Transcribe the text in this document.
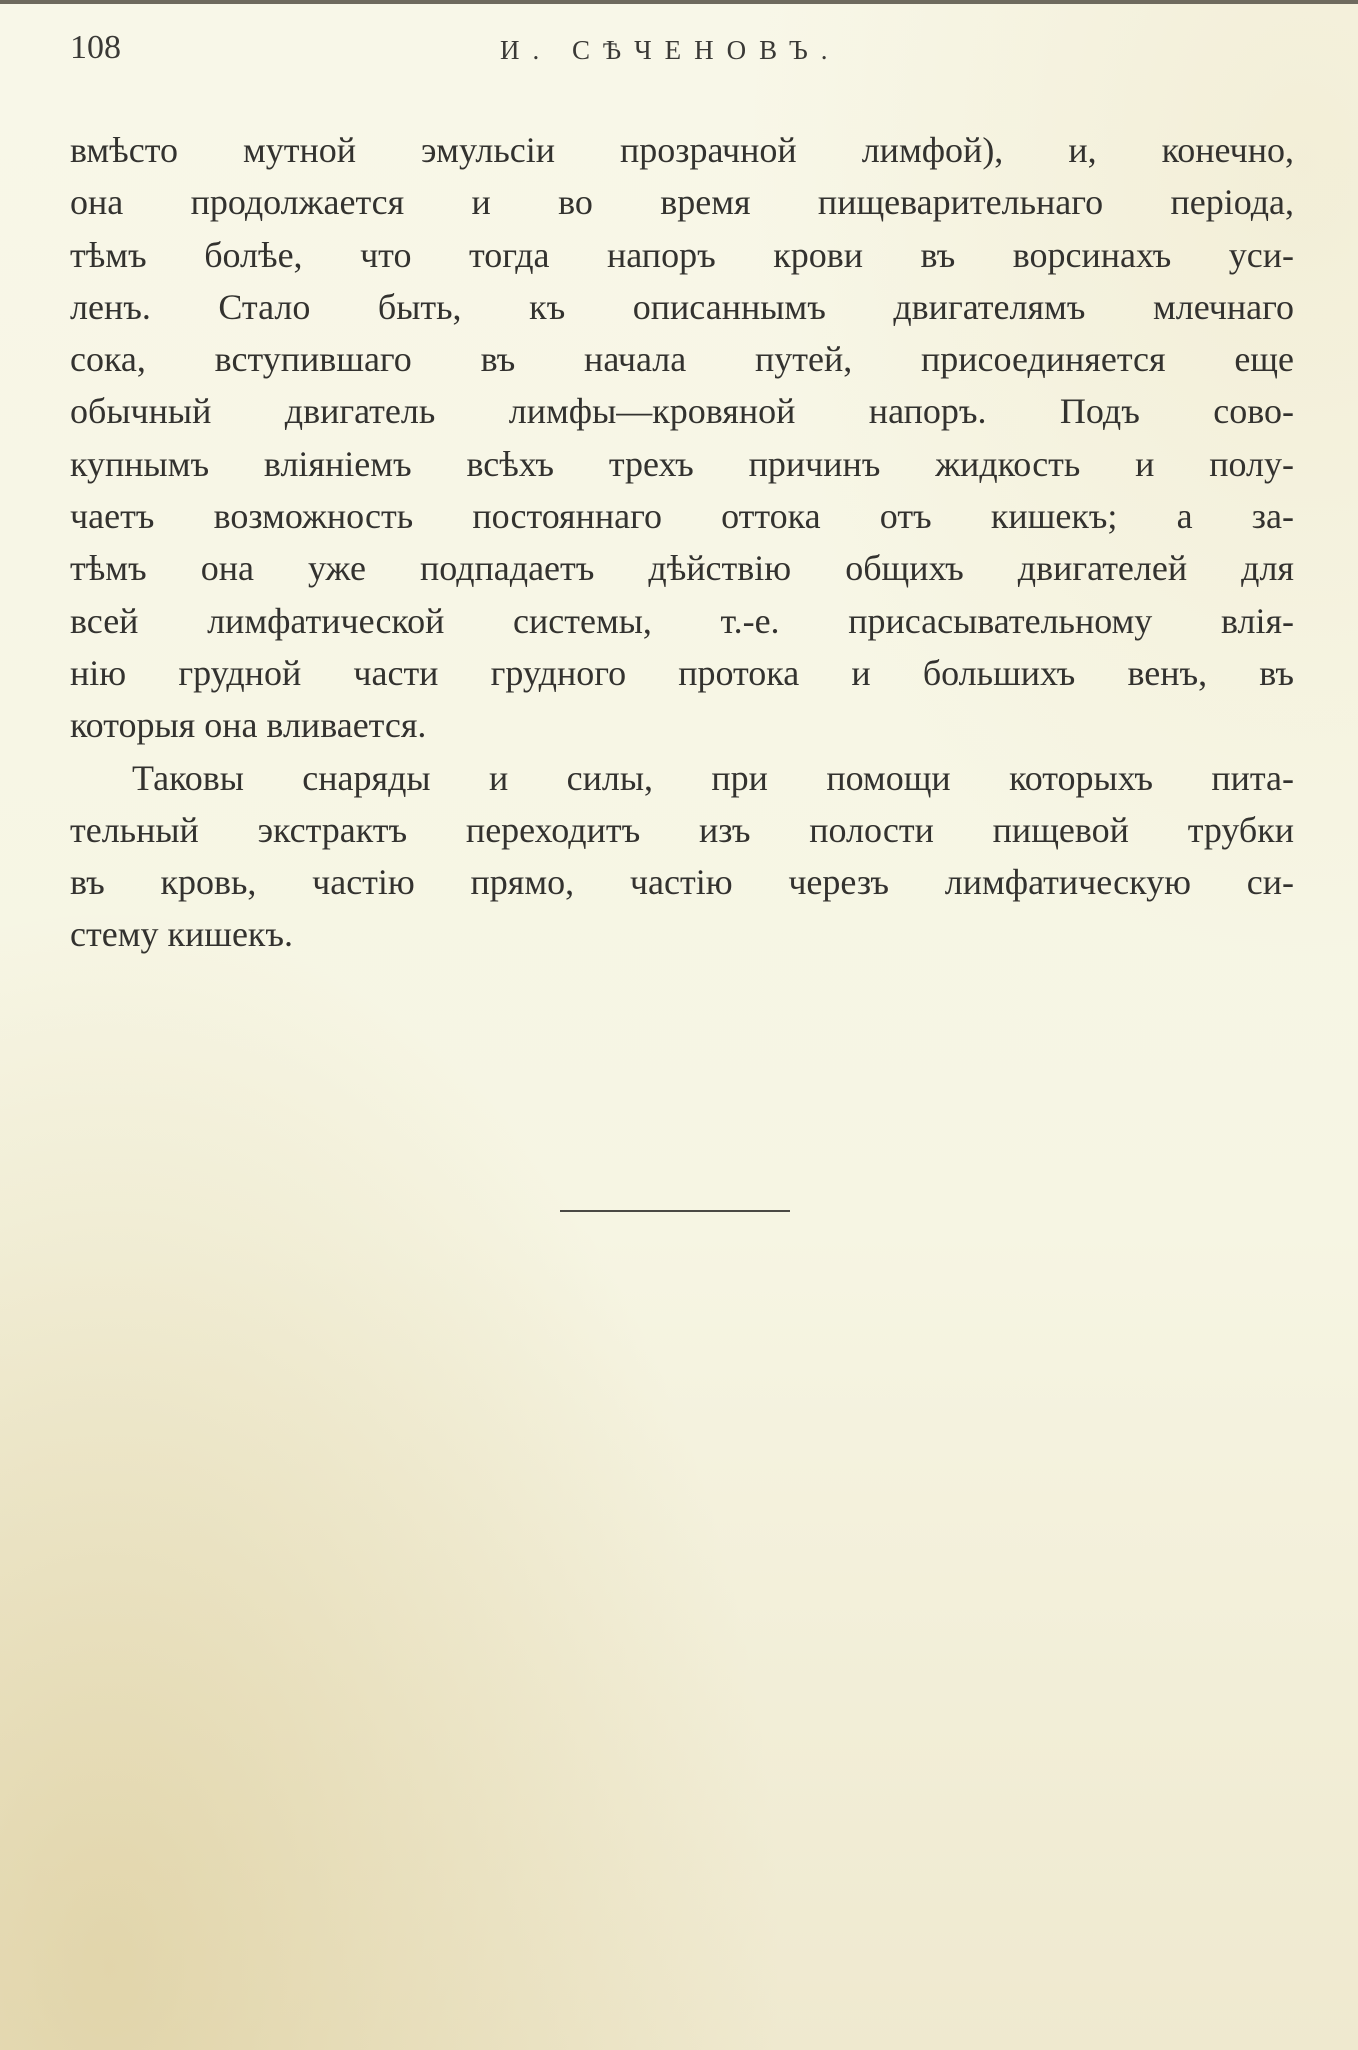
108	И. СѢЧЕНОВЪ.
вмѣсто мутной эмульсіи прозрачной лимфой), и, конечно,
она продолжается и во время пищеварительнаго періода,
тѣмъ болѣе, что тогда напоръ крови въ ворсинахъ уси-
ленъ. Стало быть, къ описаннымъ двигателямъ млечнаго
сока, вступившаго въ начала путей, присоединяется еще
обычный двигатель лимфы—кровяной напоръ. Подъ сово-
купнымъ вліяніемъ всѣхъ трехъ причинъ жидкость и полу-
чаетъ возможность постояннаго оттока отъ кишекъ; а за-
тѣмъ она уже подпадаетъ дѣйствію общихъ двигателей для
всей лимфатической системы, т.-е. присасывательному влія-
нію грудной части грудного протока и большихъ венъ, въ
которыя она вливается.
Таковы снаряды и силы, при помощи которыхъ пита-
тельный экстрактъ переходитъ изъ полости пищевой трубки
въ кровь, частію прямо, частію черезъ лимфатическую си-
стему кишекъ.
